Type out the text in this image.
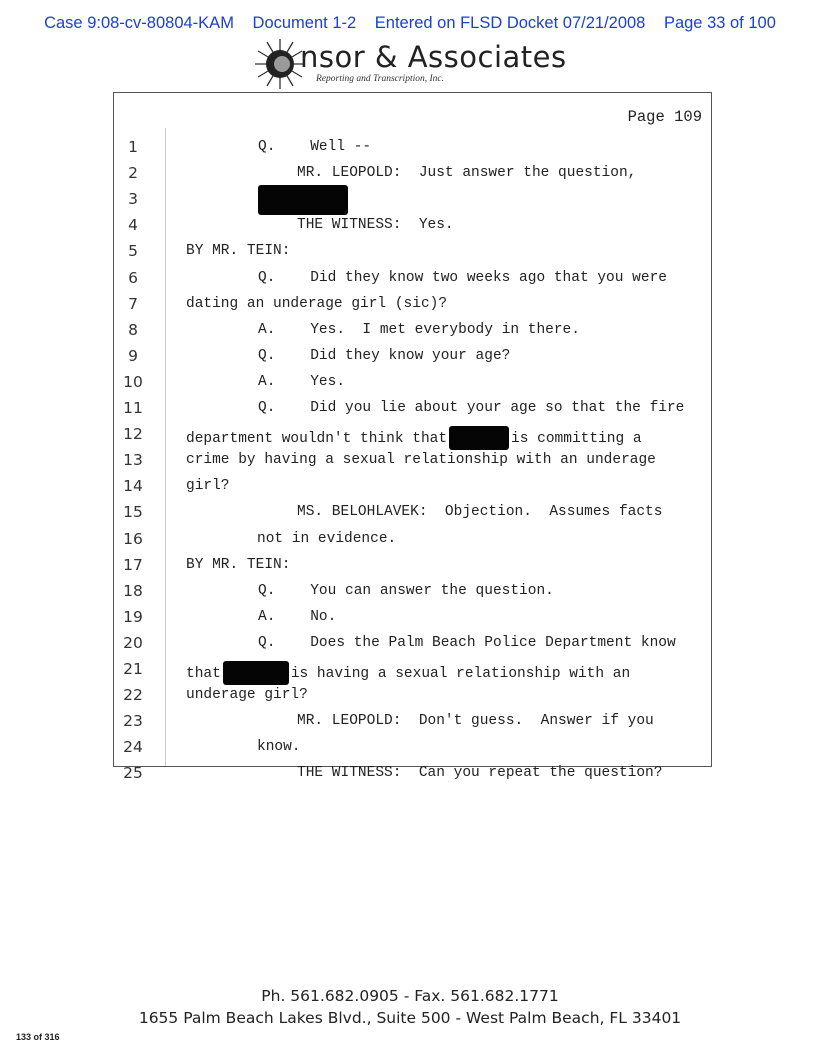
Case 9:08-cv-80804-KAM Document 1-2 Entered on FLSD Docket 07/21/2008 Page 33 of 100
nsor & Associates
Reporting and Transcription, Inc.
Page 109
1	Q.    Well --
2	MR. LEOPOLD:  Just answer the question,
3
4	THE WITNESS:  Yes.
5	BY MR. TEIN:
6	Q.    Did they know two weeks ago that you were
7	dating an underage girl (sic)?
8	A.    Yes.  I met everybody in there.
9	Q.    Did they know your age?
10	A.    Yes.
11	Q.    Did you lie about your age so that the fire
12	department wouldn't think that	is committing a
13	crime by having a sexual relationship with an underage
14	girl?
15	MS. BELOHLAVEK:  Objection.  Assumes facts
16	not in evidence.
17	BY MR. TEIN:
18	Q.    You can answer the question.
19	A.    No.
20	Q.    Does the Palm Beach Police Department know
21	that	is having a sexual relationship with an
22	underage girl?
23	MR. LEOPOLD:  Don't guess.  Answer if you
24	know.
25	THE WITNESS:  Can you repeat the question?
Ph. 561.682.0905 - Fax. 561.682.1771
1655 Palm Beach Lakes Blvd., Suite 500 - West Palm Beach, FL 33401
133 of 316
